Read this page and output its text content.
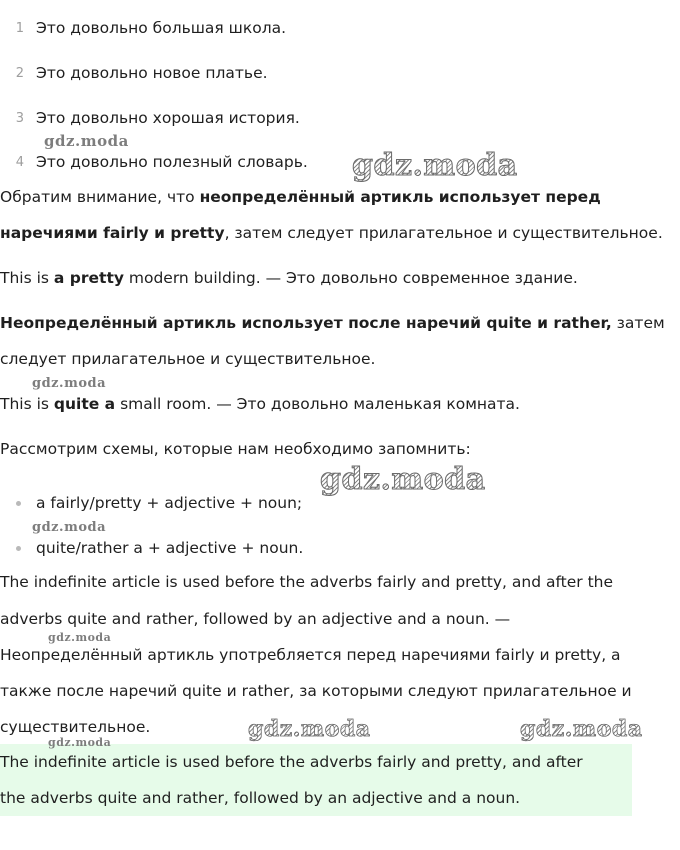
1 Это довольно большая школа.
2 Это довольно новое платье.
3 Это довольно хорошая история.
4 Это довольно полезный словарь.
Обратим внимание, что неопределённый артикль использует перед
наречиями fairly и pretty, затем следует прилагательное и существительное.
This is a pretty modern building. — Это довольно современное здание.
Неопределённый артикль использует после наречий quite и rather, затем
следует прилагательное и существительное.
This is quite a small room. — Это довольно маленькая комната.
Рассмотрим схемы, которые нам необходимо запомнить:
a fairly/pretty + adjective + noun;
quite/rather a + adjective + noun.
The indefinite article is used before the adverbs fairly and pretty, and after the
adverbs quite and rather, followed by an adjective and a noun. —
Неопределённый артикль употребляется перед наречиями fairly и pretty, а
также после наречий quite и rather, за которыми следуют прилагательное и
существительное.
The indefinite article is used before the adverbs fairly and pretty, and after
the adverbs quite and rather, followed by an adjective and a noun.
gdz.moda
gdz.moda
gdz.moda
gdz.moda
gdz.moda
gdz.moda
gdz.moda	gdz.moda
gdz.moda
